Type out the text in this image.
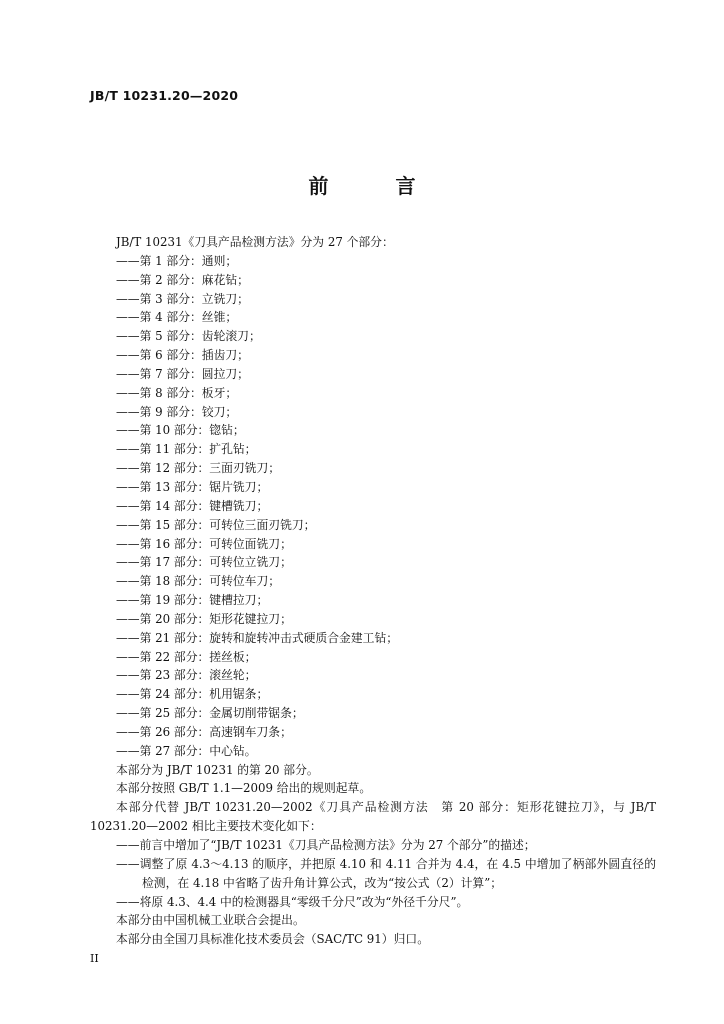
JB/T 10231.20—2020
前 言

JB/T 10231《刀具产品检测方法》分为 27 个部分：

——第 1 部分：通则；

——第 2 部分：麻花钻；

——第 3 部分：立铣刀；

——第 4 部分：丝锥；

——第 5 部分：齿轮滚刀；

——第 6 部分：插齿刀；

——第 7 部分：圆拉刀；

——第 8 部分：板牙；

——第 9 部分：铰刀；

——第 10 部分：锪钻；

——第 11 部分：扩孔钻；

——第 12 部分：三面刃铣刀；

——第 13 部分：锯片铣刀；

——第 14 部分：键槽铣刀；

——第 15 部分：可转位三面刃铣刀；

——第 16 部分：可转位面铣刀；

——第 17 部分：可转位立铣刀；

——第 18 部分：可转位车刀；

——第 19 部分：键槽拉刀；

——第 20 部分：矩形花键拉刀；

——第 21 部分：旋转和旋转冲击式硬质合金建工钻；

——第 22 部分：搓丝板；

——第 23 部分：滚丝轮；

——第 24 部分：机用锯条；

——第 25 部分：金属切削带锯条；

——第 26 部分：高速钢车刀条；

——第 27 部分：中心钻。

本部分为 JB/T 10231 的第 20 部分。

本部分按照 GB/T 1.1—2009 给出的规则起草。

本部分代替 JB/T 10231.20—2002《刀具产品检测方法　第 20 部分：矩形花键拉刀》，与 JB/T 10231.20—2002 相比主要技术变化如下：

——前言中增加了“JB/T 10231《刀具产品检测方法》分为 27 个部分”的描述；

——调整了原 4.3～4.13 的顺序，并把原 4.10 和 4.11 合并为 4.4，在 4.5 中增加了柄部外圆直径的检测，在 4.18 中省略了齿升角计算公式，改为“按公式（2）计算”；

——将原 4.3、4.4 中的检测器具“零级千分尺”改为“外径千分尺”。

本部分由中国机械工业联合会提出。

本部分由全国刀具标准化技术委员会（SAC/TC 91）归口。

II
